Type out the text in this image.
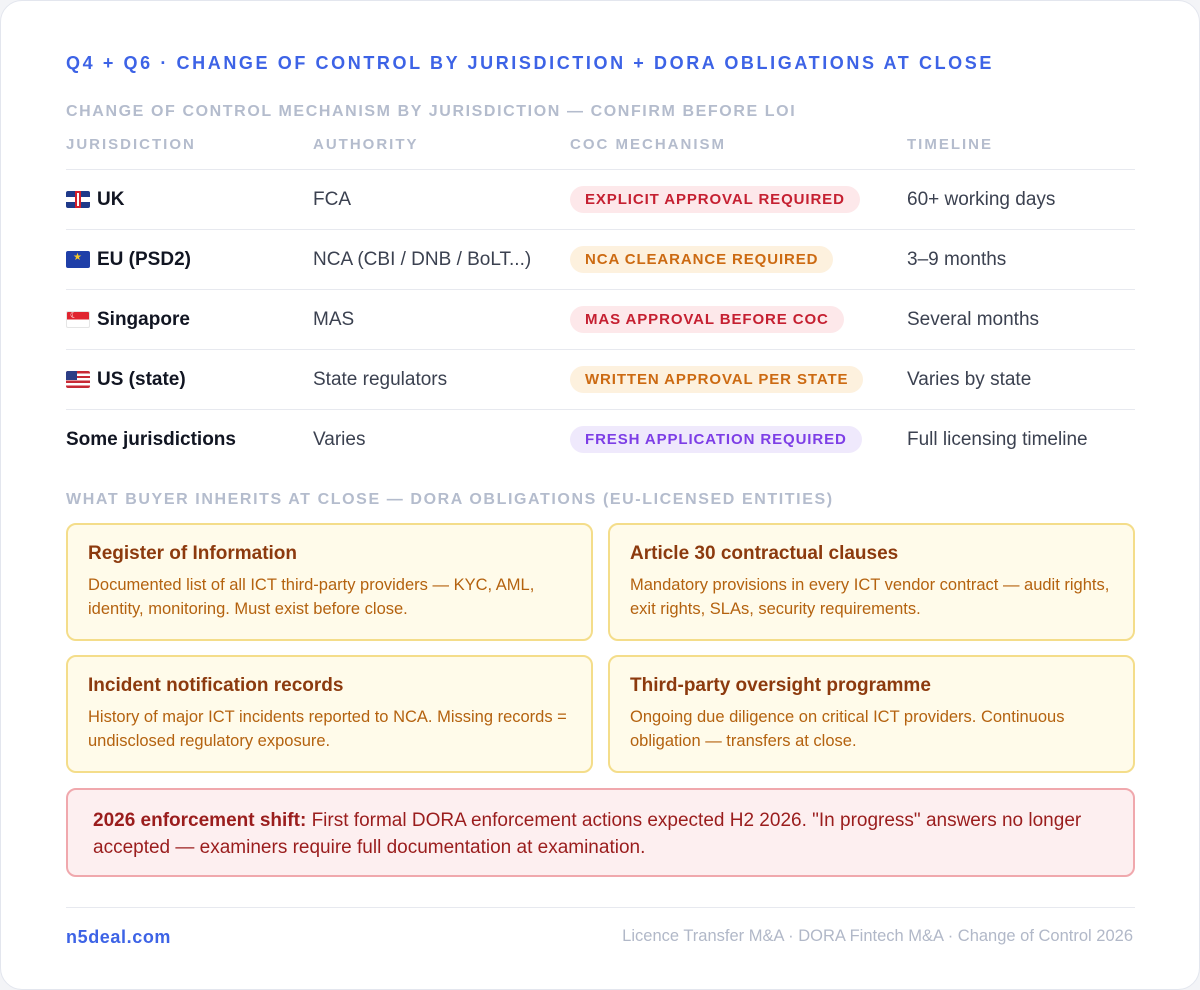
Q4 + Q6 · CHANGE OF CONTROL BY JURISDICTION + DORA OBLIGATIONS AT CLOSE
CHANGE OF CONTROL MECHANISM BY JURISDICTION — CONFIRM BEFORE LOI
JURISDICTION	AUTHORITY	COC MECHANISM	TIMELINE
UK	FCA	EXPLICIT APPROVAL REQUIRED	60+ working days
★
EU (PSD2)	NCA (CBI / DNB / BoLT...)	NCA CLEARANCE REQUIRED	3–9 months
☾
Singapore	MAS	MAS APPROVAL BEFORE COC	Several months
US (state)	State regulators	WRITTEN APPROVAL PER STATE	Varies by state
Some jurisdictions	Varies	FRESH APPLICATION REQUIRED	Full licensing timeline
WHAT BUYER INHERITS AT CLOSE — DORA OBLIGATIONS (EU-LICENSED ENTITIES)
Register of Information
Documented list of all ICT third-party providers — KYC, AML, identity, monitoring. Must exist before close.
Article 30 contractual clauses
Mandatory provisions in every ICT vendor contract — audit rights, exit rights, SLAs, security requirements.
Incident notification records
History of major ICT incidents reported to NCA. Missing records = undisclosed regulatory exposure.
Third-party oversight programme
Ongoing due diligence on critical ICT providers. Continuous obligation — transfers at close.
2026 enforcement shift: First formal DORA enforcement actions expected H2 2026. "In progress" answers no longer accepted — examiners require full documentation at examination.
n5deal.com	Licence Transfer M&A · DORA Fintech M&A · Change of Control 2026
